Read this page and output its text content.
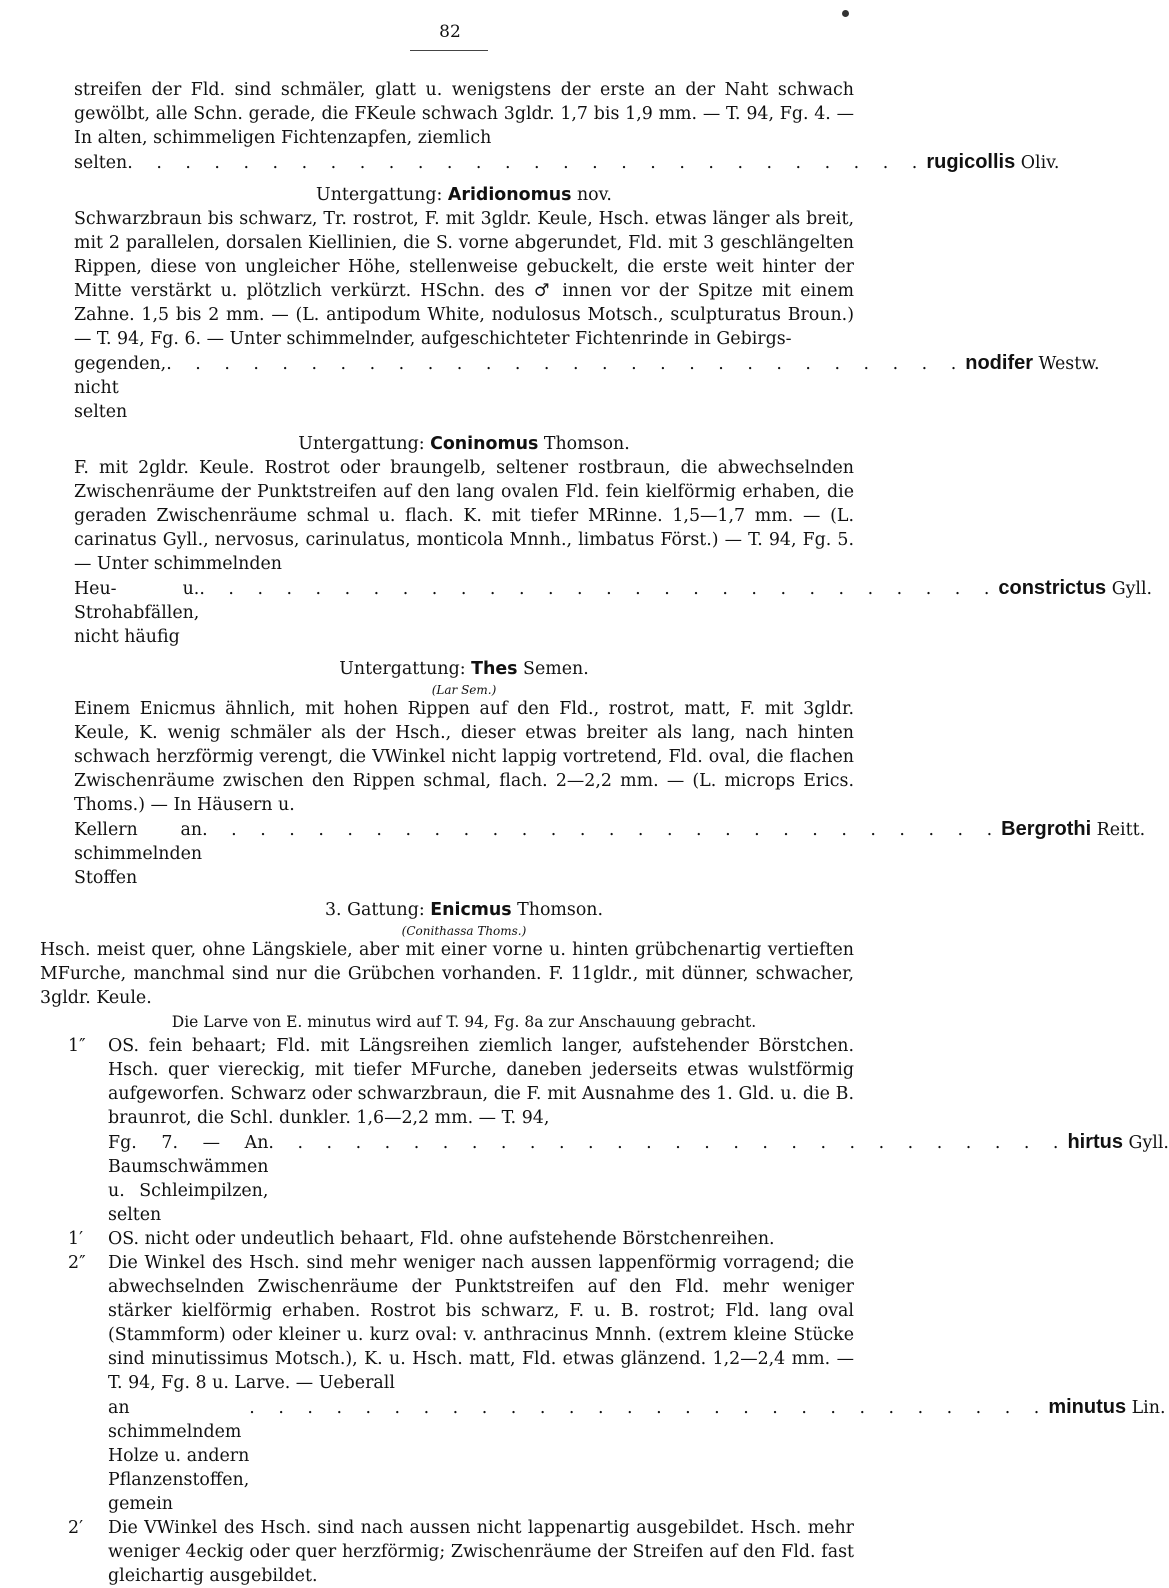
82
streifen der Fld. sind schmäler, glatt u. wenigstens der erste an der Naht schwach gewölbt, alle Schn. gerade, die FKeule schwach 3gldr. 1,7 bis 1,9 mm. — T. 94, Fg. 4. — In alten, schimmeligen Fichtenzapfen, ziemlich
selten . . . . . . . . . . . . . . . . . . . . . . . . . . . . rugicollis Oliv.
Untergattung: Aridionomus nov.
Schwarzbraun bis schwarz, Tr. rostrot, F. mit 3gldr. Keule, Hsch. etwas länger als breit, mit 2 parallelen, dorsalen Kiellinien, die S. vorne abgerundet, Fld. mit 3 geschlängelten Rippen, diese von ungleicher Höhe, stellenweise gebuckelt, die erste weit hinter der Mitte verstärkt u. plötzlich verkürzt. HSchn. des ♂ innen vor der Spitze mit einem Zahne. 1,5 bis 2 mm. — (L. antipodum White, nodulosus Motsch., sculpturatus Broun.) — T. 94, Fg. 6. — Unter schimmelnder, aufgeschichteter Fichtenrinde in Gebirgs-
gegenden, nicht selten
. . . . . . . . . . . . . . . . . . . . . . . . . . . . nodifer Westw.
Untergattung: Coninomus Thomson.
F. mit 2gldr. Keule. Rostrot oder braungelb, seltener rostbraun, die abwechselnden Zwischenräume der Punktstreifen auf den lang ovalen Fld. fein kielförmig erhaben, die geraden Zwischenräume schmal u. flach. K. mit tiefer MRinne. 1,5—1,7 mm. — (L. carinatus Gyll., nervosus, carinulatus, monticola Mnnh., limbatus Först.) — T. 94, Fg. 5. — Unter schimmelnden
Heu- u. Strohabfällen, nicht häufig
. . . . . . . . . . . . . . . . . . . . . . . . . . . . constrictus Gyll.
Untergattung: Thes Semen.
(Lar Sem.)
Einem Enicmus ähnlich, mit hohen Rippen auf den Fld., rostrot, matt, F. mit 3gldr. Keule, K. wenig schmäler als der Hsch., dieser etwas breiter als lang, nach hinten schwach herzförmig verengt, die VWinkel nicht lappig vortretend, Fld. oval, die flachen Zwischenräume zwischen den Rippen schmal, flach. 2—2,2 mm. — (L. microps Erics. Thoms.) — In Häusern u.
Kellern an schimmelnden Stoffen
. . . . . . . . . . . . . . . . . . . . . . . . . . . . Bergrothi Reitt.
3. Gattung: Enicmus Thomson.
(Conithassa Thoms.)
Hsch. meist quer, ohne Längskiele, aber mit einer vorne u. hinten grübchenartig vertieften MFurche, manchmal sind nur die Grübchen vorhanden. F. 11gldr., mit dünner, schwacher, 3gldr. Keule.
Die Larve von E. minutus wird auf T. 94, Fg. 8a zur Anschauung gebracht.
1″	OS. fein behaart; Fld. mit Längsreihen ziemlich langer, aufstehender Börstchen. Hsch. quer viereckig, mit tiefer MFurche, daneben jederseits etwas wulstförmig aufgeworfen. Schwarz oder schwarzbraun, die F. mit Ausnahme des 1. Gld. u. die B. braunrot, die Schl. dunkler. 1,6—2,2 mm. — T. 94,
Fg. 7. — An Baumschwämmen u. Schleimpilzen, selten
. . . . . . . . . . . . . . . . . . . . . . . . . . . . hirtus Gyll.
1′	OS. nicht oder undeutlich behaart, Fld. ohne aufstehende Börstchenreihen.
2″	Die Winkel des Hsch. sind mehr weniger nach aussen lappenförmig vorragend; die abwechselnden Zwischenräume der Punktstreifen auf den Fld. mehr weniger stärker kielförmig erhaben. Rostrot bis schwarz, F. u. B. rostrot; Fld. lang oval (Stammform) oder kleiner u. kurz oval: v. anthracinus Mnnh. (extrem kleine Stücke sind minutissimus Motsch.), K. u. Hsch. matt, Fld. etwas glänzend. 1,2—2,4 mm. — T. 94, Fg. 8 u. Larve. — Ueberall
an schimmelndem Holze u. andern Pflanzenstoffen, gemein
. . . . . . . . . . . . . . . . . . . . . . . . . . . . minutus Lin.
2′	Die VWinkel des Hsch. sind nach aussen nicht lappenartig ausgebildet. Hsch. mehr weniger 4eckig oder quer herzförmig; Zwischenräume der Streifen auf den Fld. fast gleichartig ausgebildet.
